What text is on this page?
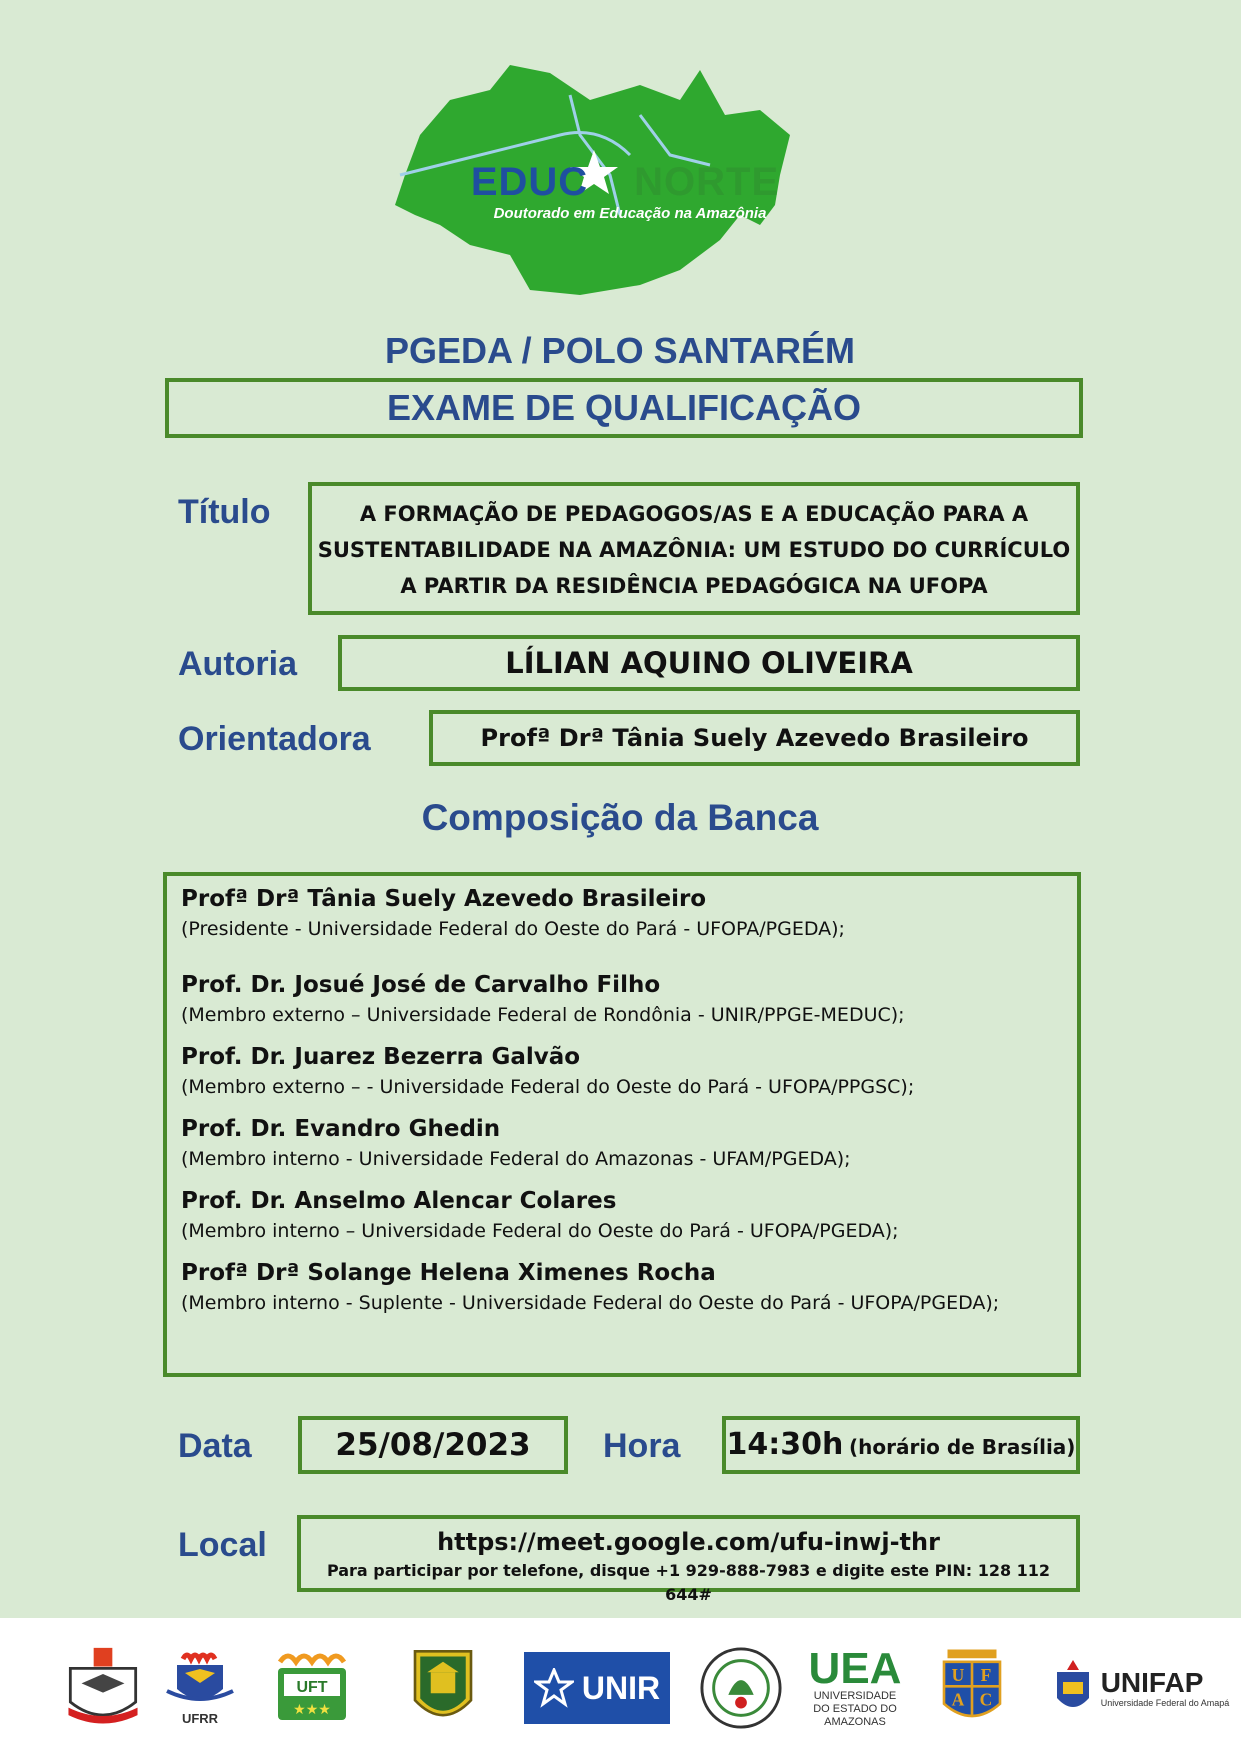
EDUC NORTE
Doutorado em Educação na Amazônia
PGEDA / POLO SANTARÉM
EXAME DE QUALIFICAÇÃO
Título	A FORMAÇÃO DE PEDAGOGOS/AS E A EDUCAÇÃO PARA A
SUSTENTABILIDADE NA AMAZÔNIA: UM ESTUDO DO CURRÍCULO
A PARTIR DA RESIDÊNCIA PEDAGÓGICA NA UFOPA
Autoria	LÍLIAN AQUINO OLIVEIRA
Orientadora	Profª Drª Tânia Suely Azevedo Brasileiro
Composição da Banca
Profª Drª Tânia Suely Azevedo Brasileiro
(Presidente - Universidade Federal do Oeste do Pará - UFOPA/PGEDA);
Prof. Dr. Josué José de Carvalho Filho
(Membro externo – Universidade Federal de Rondônia - UNIR/PPGE-MEDUC);
Prof. Dr. Juarez Bezerra Galvão
(Membro externo – - Universidade Federal do Oeste do Pará - UFOPA/PPGSC);
Prof. Dr. Evandro Ghedin
(Membro interno - Universidade Federal do Amazonas - UFAM/PGEDA);
Prof. Dr. Anselmo Alencar Colares
(Membro interno – Universidade Federal do Oeste do Pará - UFOPA/PGEDA);
Profª Drª Solange Helena Ximenes Rocha
(Membro interno - Suplente - Universidade Federal do Oeste do Pará - UFOPA/PGEDA);
Data	25/08/2023	Hora 14:30h (horário de Brasília)
Local	https://meet.google.com/ufu-inwj-thr
Para participar por telefone, disque +1 929-888-7983 e digite este PIN: 128 112 644#
UFRR
UFT
★★★
UNIR	UEA
UNIVERSIDADE DO ESTADO DO AMAZONAS
U F
A C
UNIFAP
Universidade Federal do Amapá
